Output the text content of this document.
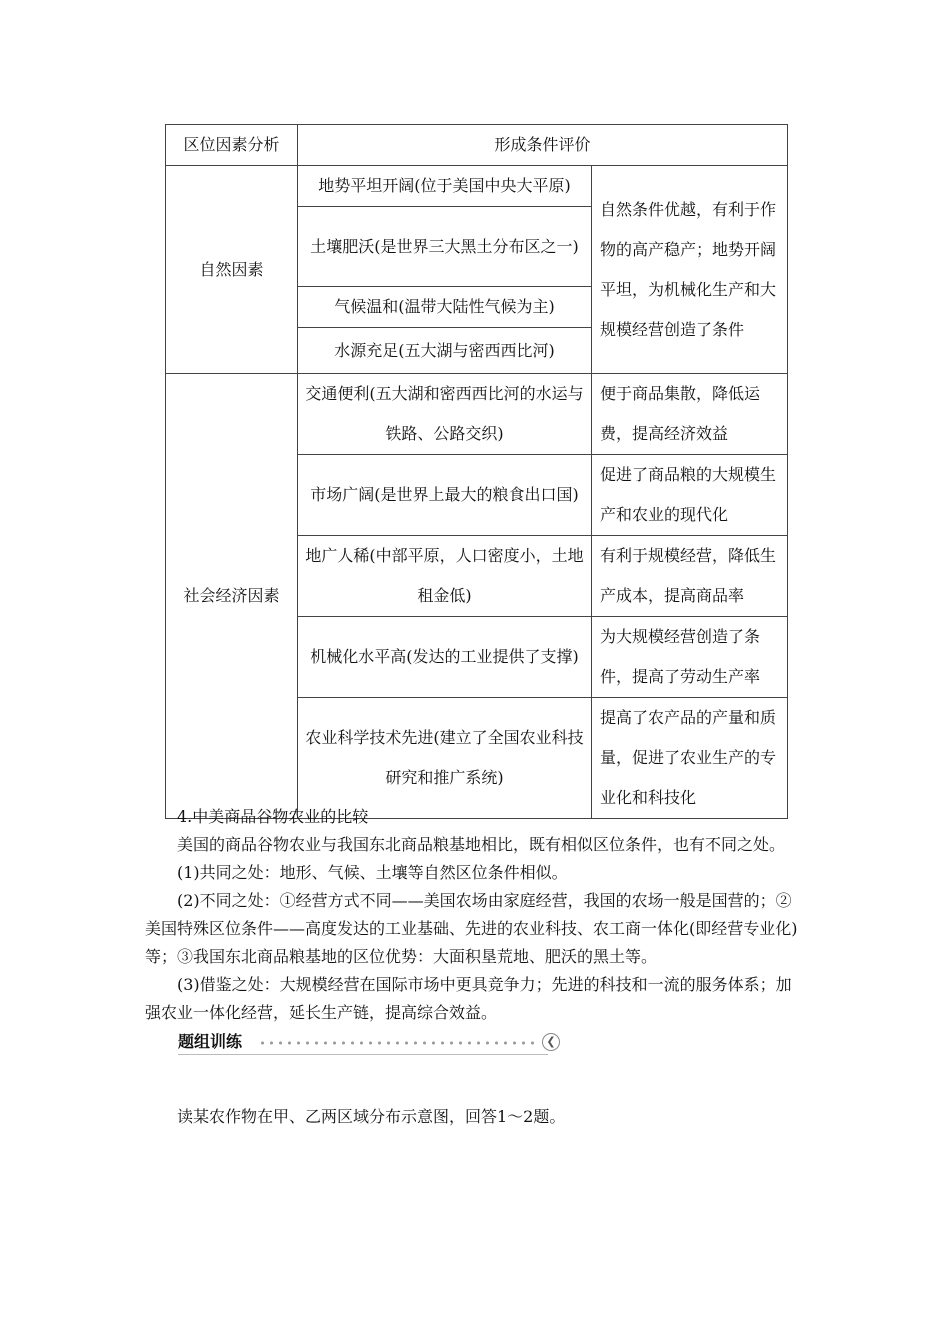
区位因素分析	形成条件评价	
自然因素	地势平坦开阔(位于美国中央大平原)	自然条件优越，有利于作物的高产稳产；地势开阔平坦，为机械化生产和大规模经营创造了条件
	土壤肥沃(是世界三大黑土分布区之一)	
	气候温和(温带大陆性气候为主)	
	水源充足(五大湖与密西西比河)	
社会经济因素	交通便利(五大湖和密西西比河的水运与铁路、公路交织)	便于商品集散，降低运费，提高经济效益
	市场广阔(是世界上最大的粮食出口国)	促进了商品粮的大规模生产和农业的现代化
	地广人稀(中部平原，人口密度小，土地租金低)	有利于规模经营，降低生产成本，提高商品率
	机械化水平高(发达的工业提供了支撑)	为大规模经营创造了条件，提高了劳动生产率
	农业科学技术先进(建立了全国农业科技研究和推广系统)	提高了农产品的产量和质量，促进了农业生产的专业化和科技化

4.中美商品谷物农业的比较

美国的商品谷物农业与我国东北商品粮基地相比，既有相似区位条件，也有不同之处。

(1)共同之处：地形、气候、土壤等自然区位条件相似。

(2)不同之处：①经营方式不同——美国农场由家庭经营，我国的农场一般是国营的；②美国特殊区位条件——高度发达的工业基础、先进的农业科技、农工商一体化(即经营专业化)等；③我国东北商品粮基地的区位优势：大面积垦荒地、肥沃的黑土等。

(3)借鉴之处：大规模经营在国际市场中更具竞争力；先进的科技和一流的服务体系；加强农业一体化经营，延长生产链，提高综合效益。

题组训练	❮
读某农作物在甲、乙两区域分布示意图，回答1～2题。
